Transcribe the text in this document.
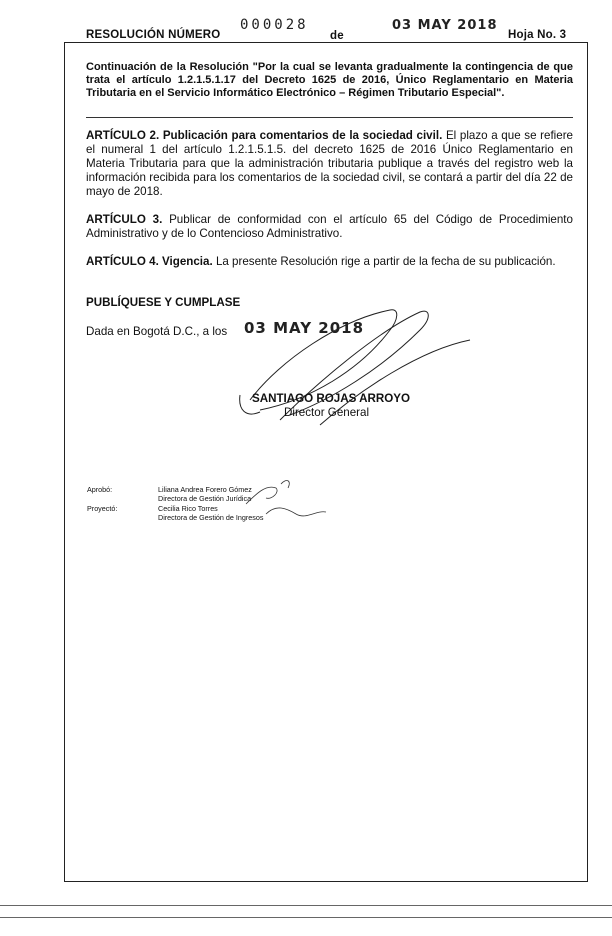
RESOLUCIÓN NÚMERO
000028
de
03 MAY 2018
Hoja No. 3
Continuación de la Resolución "Por la cual se levanta gradualmente la contingencia de que trata el artículo 1.2.1.5.1.17 del Decreto 1625 de 2016, Único Reglamentario en Materia Tributaria en el Servicio Informático Electrónico – Régimen Tributario Especial".
ARTÍCULO 2. Publicación para comentarios de la sociedad civil. El plazo a que se refiere el numeral 1 del artículo 1.2.1.5.1.5. del decreto 1625 de 2016 Único Reglamentario en Materia Tributaria para que la administración tributaria publique a través del registro web la información recibida para los comentarios de la sociedad civil, se contará a partir del día 22 de mayo de 2018.
ARTÍCULO 3. Publicar de conformidad con el artículo 65 del Código de Procedimiento Administrativo y de lo Contencioso Administrativo.
ARTÍCULO 4. Vigencia. La presente Resolución rige a partir de la fecha de su publicación.
PUBLÍQUESE Y CUMPLASE
Dada en Bogotá D.C., a los 03 MAY 2018
SANTIAGO ROJAS ARROYO
Director General
Aprobó:	Liliana Andrea Forero Gómez
Directora de Gestión Jurídica
Proyectó:	Cecilia Rico Torres
Directora de Gestión de Ingresos
